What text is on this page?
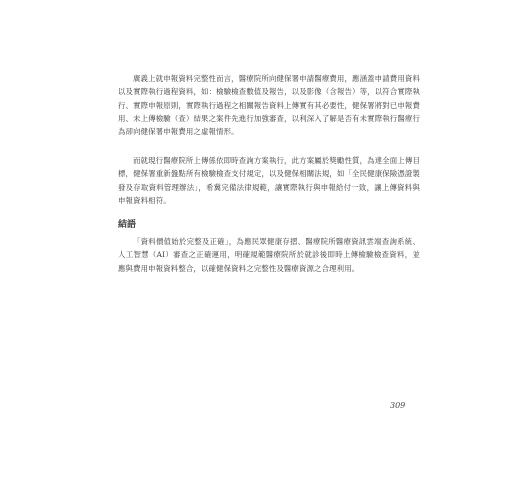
廣義上就申報資料完整性而言，醫療院所向健保署申請醫療費用，應涵蓋申請費用資料以及實際執行過程資料，如：檢驗檢查數值及報告，以及影像（含報告）等，以符合實際執行、實際申報原則，實際執行過程之相關報告資料上傳實有其必要性，健保署將對已申報費用、未上傳檢驗（查）結果之案件先進行加強審查，以利深入了解是否有未實際執行醫療行為卻向健保署申報費用之虛報情形。

而就現行醫療院所上傳係依即時查詢方案執行，此方案屬於獎勵性質，為達全面上傳目標，健保署重新盤點所有檢驗檢查支付規定，以及健保相關法規，如「全民健康保險憑證製發及存取資料管理辦法」，希冀完備法律規範，讓實際執行與申報給付一致，讓上傳資料與申報資料相符。

結語

「資料價值始於完整及正確」，為應民眾健康存摺、醫療院所醫療資訊雲端查詢系統、人工智慧（AI）審查之正確運用，明確規範醫療院所於就診後即時上傳檢驗檢查資料，並應與費用申報資料整合，以確健保資料之完整性及醫療資源之合理利用。

309
